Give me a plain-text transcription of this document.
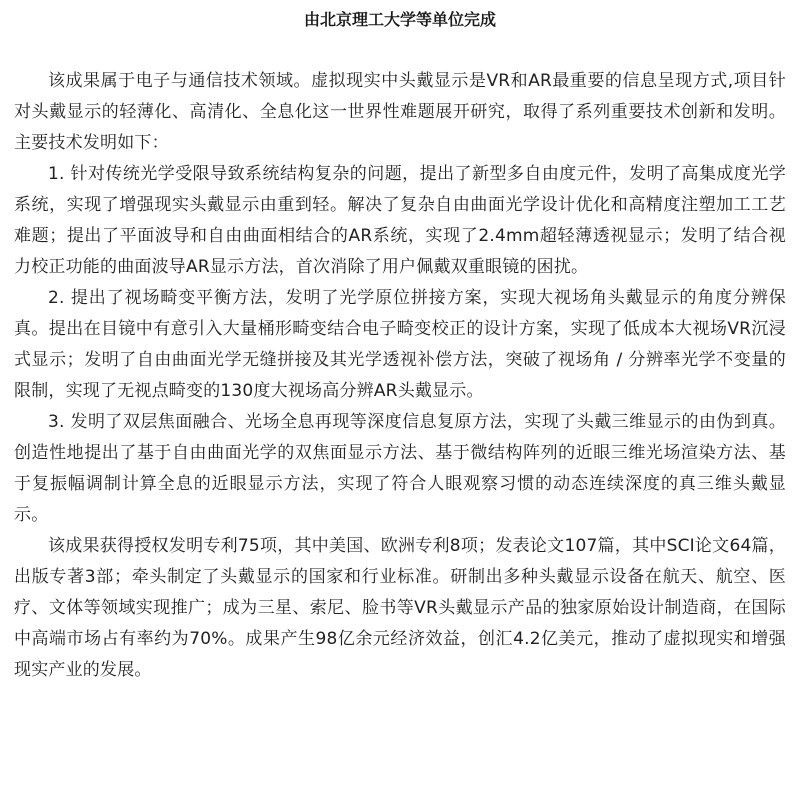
由北京理工大学等单位完成

该成果属于电子与通信技术领域。虚拟现实中头戴显示是VR和AR最重要的信息呈现方式,项目针对头戴显示的轻薄化、高清化、全息化这一世界性难题展开研究，取得了系列重要技术创新和发明。主要技术发明如下：

1. 针对传统光学受限导致系统结构复杂的问题，提出了新型多自由度元件，发明了高集成度光学系统，实现了增强现实头戴显示由重到轻。解决了复杂自由曲面光学设计优化和高精度注塑加工工艺难题；提出了平面波导和自由曲面相结合的AR系统，实现了2.4mm超轻薄透视显示；发明了结合视力校正功能的曲面波导AR显示方法，首次消除了用户佩戴双重眼镜的困扰。

2. 提出了视场畸变平衡方法，发明了光学原位拼接方案，实现大视场角头戴显示的角度分辨保真。提出在目镜中有意引入大量桶形畸变结合电子畸变校正的设计方案，实现了低成本大视场VR沉浸式显示；发明了自由曲面光学无缝拼接及其光学透视补偿方法，突破了视场角 / 分辨率光学不变量的限制，实现了无视点畸变的130度大视场高分辨AR头戴显示。

3. 发明了双层焦面融合、光场全息再现等深度信息复原方法，实现了头戴三维显示的由伪到真。创造性地提出了基于自由曲面光学的双焦面显示方法、基于微结构阵列的近眼三维光场渲染方法、基于复振幅调制计算全息的近眼显示方法，实现了符合人眼观察习惯的动态连续深度的真三维头戴显示。

该成果获得授权发明专利75项，其中美国、欧洲专利8项；发表论文107篇，其中SCI论文64篇，出版专著3部；牵头制定了头戴显示的国家和行业标准。研制出多种头戴显示设备在航天、航空、医疗、文体等领域实现推广；成为三星、索尼、脸书等VR头戴显示产品的独家原始设计制造商，在国际中高端市场占有率约为70%。成果产生98亿余元经济效益，创汇4.2亿美元，推动了虚拟现实和增强现实产业的发展。
